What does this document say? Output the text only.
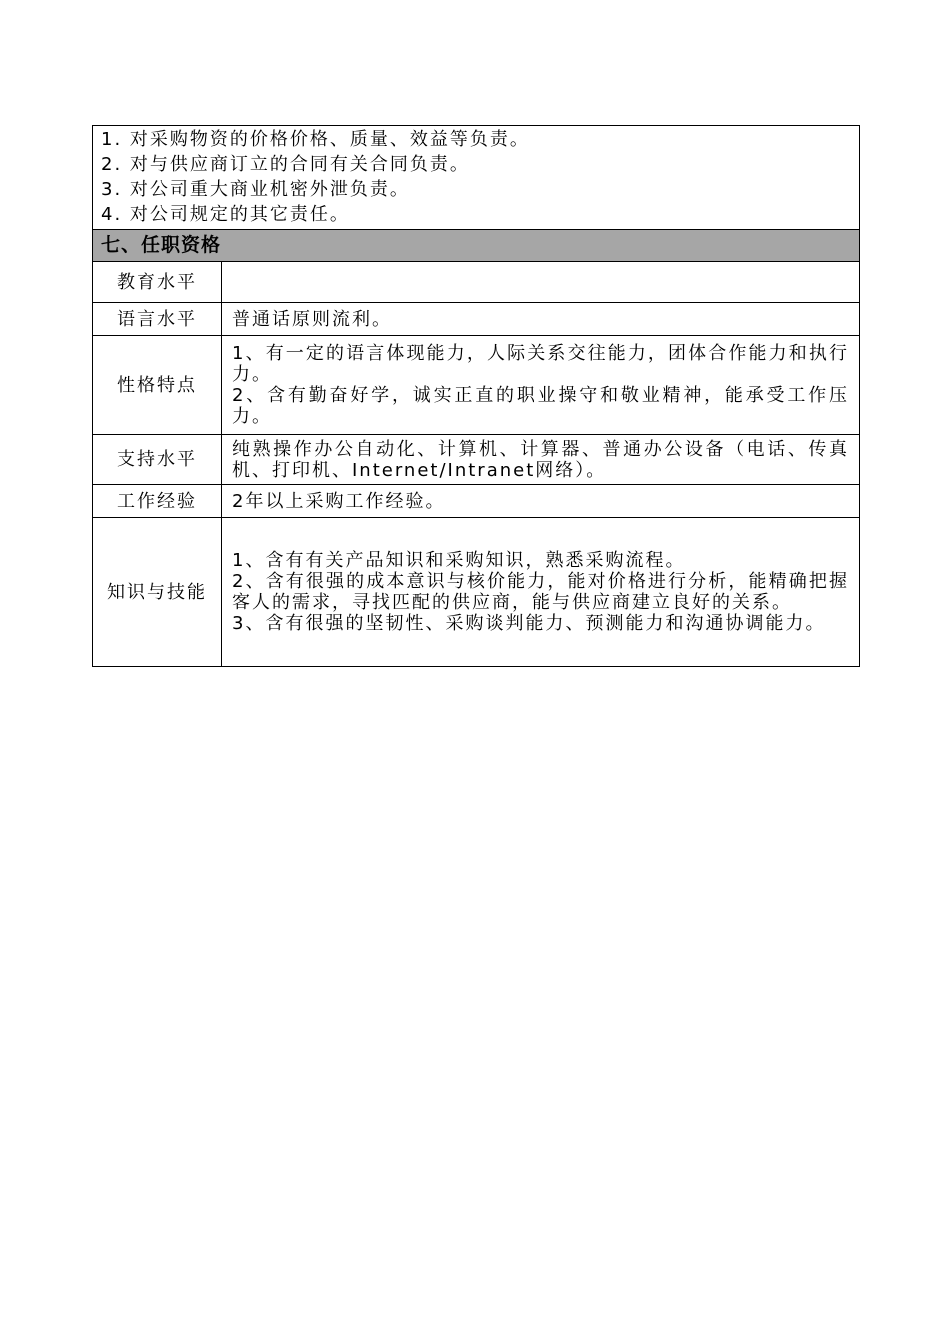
1. 对采购物资的价格价格、质量、效益等负责。
2. 对与供应商订立的合同有关合同负责。
3. 对公司重大商业机密外泄负责。
4. 对公司规定的其它责任。	

七、任职资格	
教育水平	
语言水平	普通话原则流利。
性格特点	1、有一定的语言体现能力，人际关系交往能力，团体合作能力和执行力。
2、含有勤奋好学，诚实正直的职业操守和敬业精神，能承受工作压力。

支持水平	纯熟操作办公自动化、计算机、计算器、普通办公设备（电话、传真机、打印机、Internet/Intranet网络）。
工作经验	2年以上采购工作经验。
知识与技能	1、含有有关产品知识和采购知识，熟悉采购流程。
2、含有很强的成本意识与核价能力，能对价格进行分析，能精确把握客人的需求，寻找匹配的供应商，能与供应商建立良好的关系。
3、含有很强的坚韧性、采购谈判能力、预测能力和沟通协调能力。
